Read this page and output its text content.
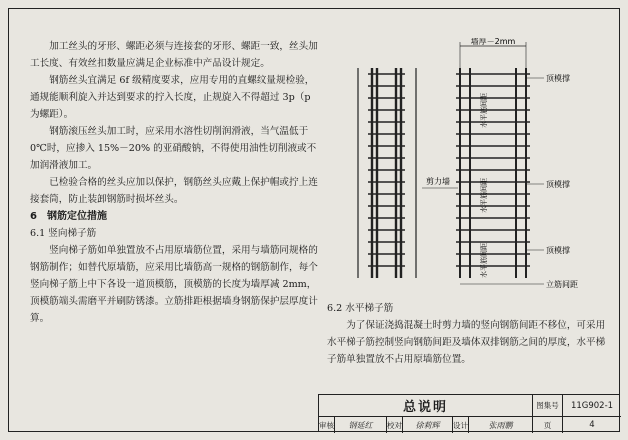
加工丝头的牙形、螺距必须与连接套的牙形、螺距一致，丝头加工长度、有效丝扣数量应满足企业标准中产品设计规定。

钢筋丝头宜满足 6f 级精度要求，应用专用的直螺纹量规检验，通规能顺利旋入并达到要求的拧入长度，止规旋入不得超过 3p（p 为螺距）。

钢筋滚压丝头加工时，应采用水溶性切削润滑液，当气温低于 0℃时，应掺入 15%－20% 的亚硝酸钠，不得使用油性切削液或不加润滑液加工。

已检验合格的丝头应加以保护，钢筋丝头应戴上保护帽或拧上连接套筒，防止装卸钢筋时损坏丝头。

6　钢筋定位措施

6.1 竖向梯子筋

竖向梯子筋如单独置放不占用原墙筋位置，采用与墙筋同规格的钢筋制作；如替代原墙筋，应采用比墙筋高一规格的钢筋制作，每个竖向梯子筋上中下各设一道顶模筋，顶模筋的长度为墙厚减 2mm，顶模筋端头需磨平并刷防锈漆。立筋排距根据墙身钢筋保护层厚度计算。

墙厚－2mm
顶模撑
顶模撑
顶模撑
剪力墙
水平筋间距
水平筋间距
水平筋间距
立筋间距

6.2 水平梯子筋

为了保证浇捣混凝土时剪力墙的竖向钢筋间距不移位，可采用水平梯子筋控制竖向钢筋间距及墙体双排钢筋之间的厚度，水平梯子筋单独置放不占用原墙筋位置。

总说明	图集号	11G902-1
审核	钢延红	校对	徐莉辉	设计	张雨鹏	页	4
